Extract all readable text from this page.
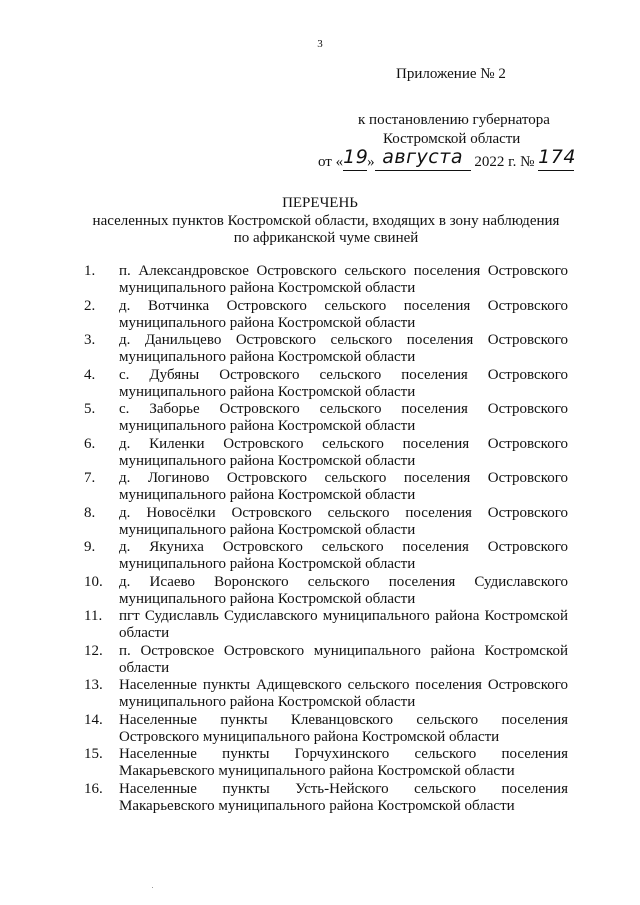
3
Приложение № 2
к постановлению губернатора
Костромской области
от «19» августа 2022 г. № 174
ПЕРЕЧЕНЬ
населенных пунктов Костромской области, входящих в зону наблюдения по африканской чуме свиней
1.	п. Александровское Островского сельского поселения Островского муниципального района Костромской области
2.	д. Вотчинка Островского сельского поселения Островского муниципального района Костромской области
3.	д. Данильцево Островского сельского поселения Островского муниципального района Костромской области
4.	с. Дубяны Островского сельского поселения Островского муниципального района Костромской области
5.	с. Заборье Островского сельского поселения Островского муниципального района Костромской области
6.	д. Киленки Островского сельского поселения Островского муниципального района Костромской области
7.	д. Логиново Островского сельского поселения Островского муниципального района Костромской области
8.	д. Новосёлки Островского сельского поселения Островского муниципального района Костромской области
9.	д. Якуниха Островского сельского поселения Островского муниципального района Костромской области
10.	д. Исаево Воронского сельского поселения Судиславского муниципального района Костромской области
11.	пгт Судиславль Судиславского муниципального района Костромской области
12.	п. Островское Островского муниципального района Костромской области
13.	Населенные пункты Адищевского сельского поселения Островского муниципального района Костромской области
14.	Населенные пункты Клеванцовского сельского поселения Островского муниципального района Костромской области
15.	Населенные пункты Горчухинского сельского поселения Макарьевского муниципального района Костромской области
16.	Населенные пункты Усть-Нейского сельского поселения Макарьевского муниципального района Костромской области
